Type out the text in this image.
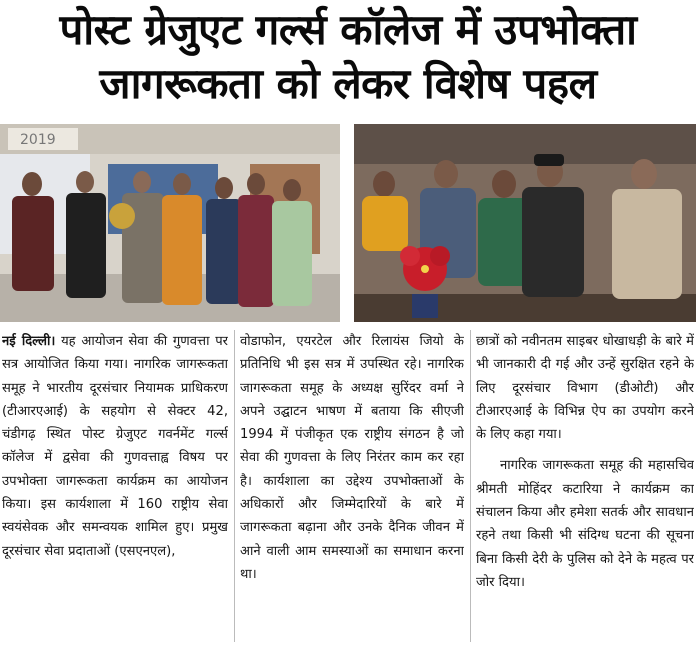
पोस्ट ग्रेजुएट गर्ल्स कॉलेज में उपभोक्ता
जागरूकता को लेकर विशेष पहल
2019

नई दिल्ली। यह आयोजन सेवा की गुणवत्ता पर सत्र आयोजित किया गया। नागरिक जागरूकता समूह ने भारतीय दूरसंचार नियामक प्राधिकरण (टीआरएआई) के सहयोग से सेक्टर 42, चंडीगढ़ स्थित पोस्ट ग्रेजुएट गवर्नमेंट गर्ल्स कॉलेज में द्वसेवा की गुणवत्ताह्व विषय पर उपभोक्ता जागरूकता कार्यक्रम का आयोजन किया। इस कार्यशाला में 160 राष्ट्रीय सेवा स्वयंसेवक और समन्वयक शामिल हुए। प्रमुख दूरसंचार सेवा प्रदाताओं (एसएनएल),

वोडाफोन, एयरटेल और रिलायंस जियो के प्रतिनिधि भी इस सत्र में उपस्थित रहे। नागरिक जागरूकता समूह के अध्यक्ष सुरिंदर वर्मा ने अपने उद्घाटन भाषण में बताया कि सीएजी 1994 में पंजीकृत एक राष्ट्रीय संगठन है जो सेवा की गुणवत्ता के लिए निरंतर काम कर रहा है। कार्यशाला का उद्देश्य उपभोक्ताओं के अधिकारों और जिम्मेदारियों के बारे में जागरूकता बढ़ाना और उनके दैनिक जीवन में आने वाली आम समस्याओं का समाधान करना था।

छात्रों को नवीनतम साइबर धोखाधड़ी के बारे में भी जानकारी दी गई और उन्हें सुरक्षित रहने के लिए दूरसंचार विभाग (डीओटी) और टीआरएआई के विभिन्न ऐप का उपयोग करने के लिए कहा गया।

नागरिक जागरूकता समूह की महासचिव श्रीमती मोहिंदर कटारिया ने कार्यक्रम का संचालन किया और हमेशा सतर्क और सावधान रहने तथा किसी भी संदिग्ध घटना की सूचना बिना किसी देरी के पुलिस को देने के महत्व पर जोर दिया।
